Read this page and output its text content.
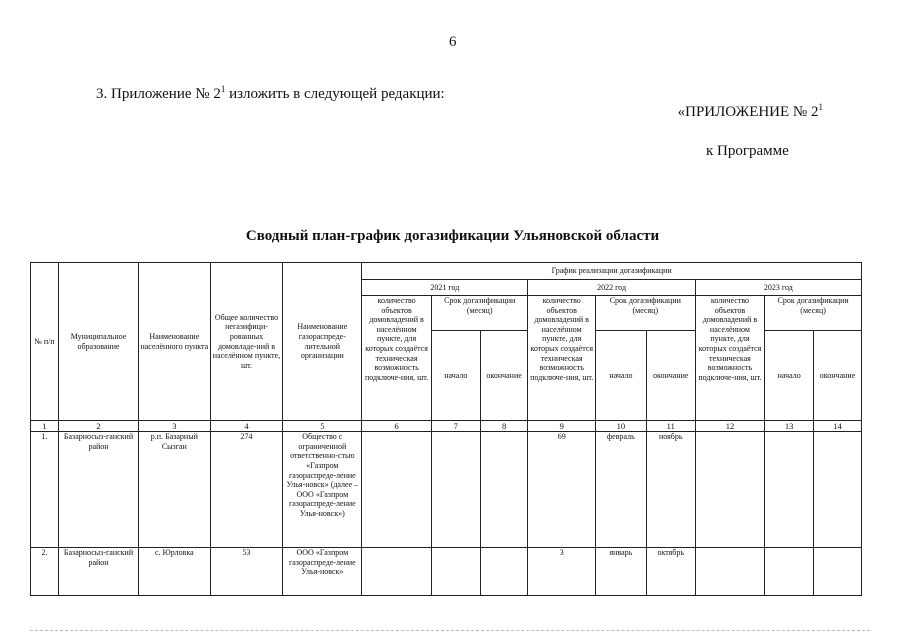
6
3. Приложение № $2^1$ изложить в следующей редакции:
«ПРИЛОЖЕНИЕ № $2^1$
к Программе
Сводный план-график догазификации Ульяновской области
№ п/п	Муниципальное образование	Наименование населённого пункта	Общее количество негазифици-рованных домовладе-ний в населённом пункте, шт.	Наименование газораспреде-лительной организации	График реализации догазификации								
					2021 год			2022 год			2023 год		
					количество объектов домовладений в населённом пункте, для которых создаётся техническая возможность подключе-ния, шт.	Срок догазификации (месяц)		количество объектов домовладений в населённом пункте, для которых создаётся техническая возможность подключе-ния, шт.	Срок догазификации (месяц)		количество объектов домовладений в населённом пункте, для которых создаётся техническая возможность подключе-ния, шт.	Срок догазификации (месяц)	
						начало	окончание		начало	окончание		начало	окончание
1	2	3	4	5	6	7	8	9	10	11	12	13	14
1.	Базарносыз-ганский район	р.п. Базарный Сызган	274	Общество с ограниченной ответственно-стью «Газпром газораспреде-ление Улья-новск» (далее – ООО «Газпром газораспреде-ление Улья-новск»)				69	февраль	ноябрь			
2.	Базарносыз-ганский район	с. Юрловка	53	ООО «Газпром газораспреде-ление Улья-новск»				3	январь	октябрь			
